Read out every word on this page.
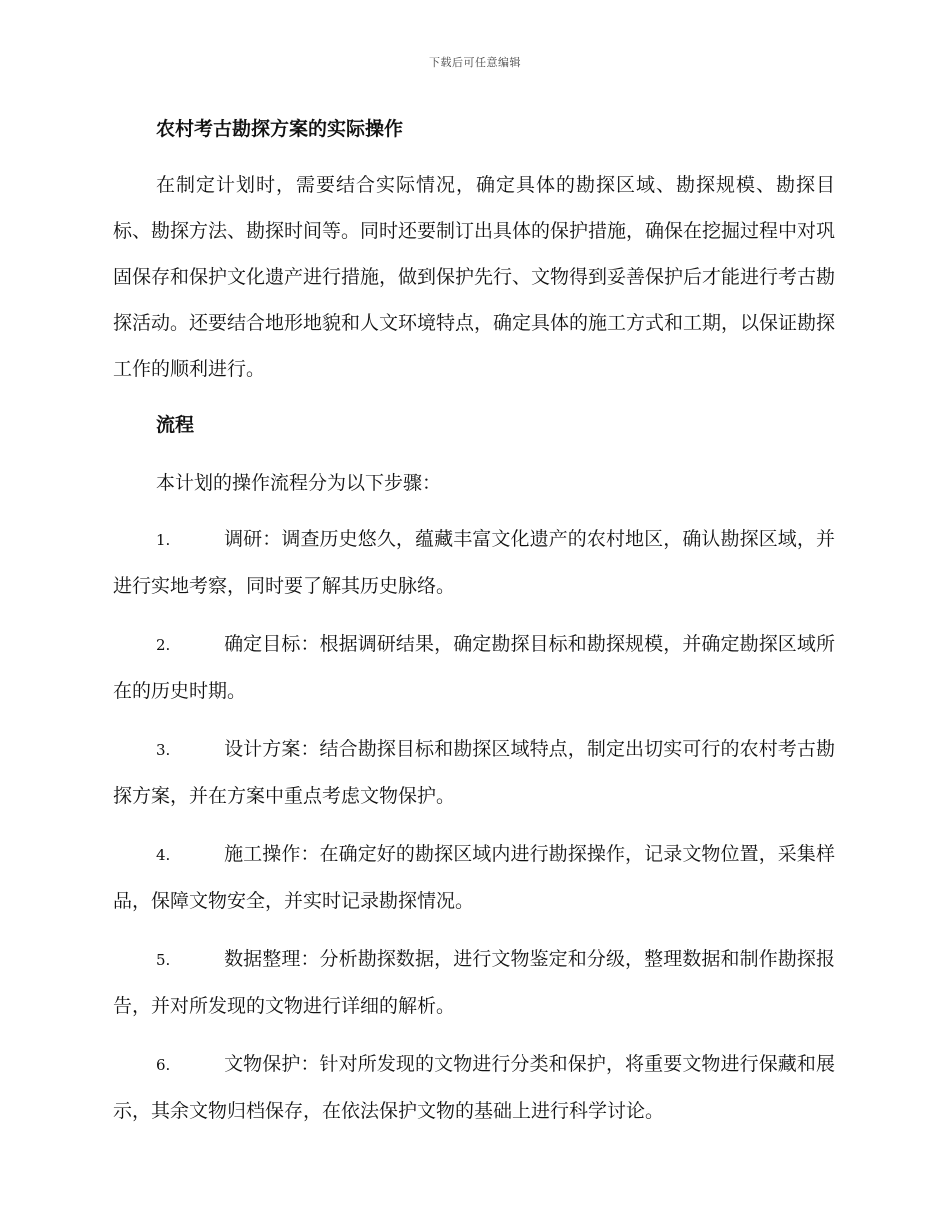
下载后可任意编辑

农村考古勘探方案的实际操作

在制定计划时，需要结合实际情况，确定具体的勘探区域、勘探规模、勘探目标、勘探方法、勘探时间等。同时还要制订出具体的保护措施，确保在挖掘过程中对巩固保存和保护文化遗产进行措施，做到保护先行、文物得到妥善保护后才能进行考古勘探活动。还要结合地形地貌和人文环境特点，确定具体的施工方式和工期，以保证勘探工作的顺利进行。

流程

本计划的操作流程分为以下步骤：

1.	调研：调查历史悠久，蕴藏丰富文化遗产的农村地区，确认勘探区域，并进行实地考察，同时要了解其历史脉络。
2.	确定目标：根据调研结果，确定勘探目标和勘探规模，并确定勘探区域所在的历史时期。
3.	设计方案：结合勘探目标和勘探区域特点，制定出切实可行的农村考古勘探方案，并在方案中重点考虑文物保护。
4.	施工操作：在确定好的勘探区域内进行勘探操作，记录文物位置，采集样品，保障文物安全，并实时记录勘探情况。
5.	数据整理：分析勘探数据，进行文物鉴定和分级，整理数据和制作勘探报告，并对所发现的文物进行详细的解析。
6.	文物保护：针对所发现的文物进行分类和保护，将重要文物进行保藏和展示，其余文物归档保存，在依法保护文物的基础上进行科学讨论。
